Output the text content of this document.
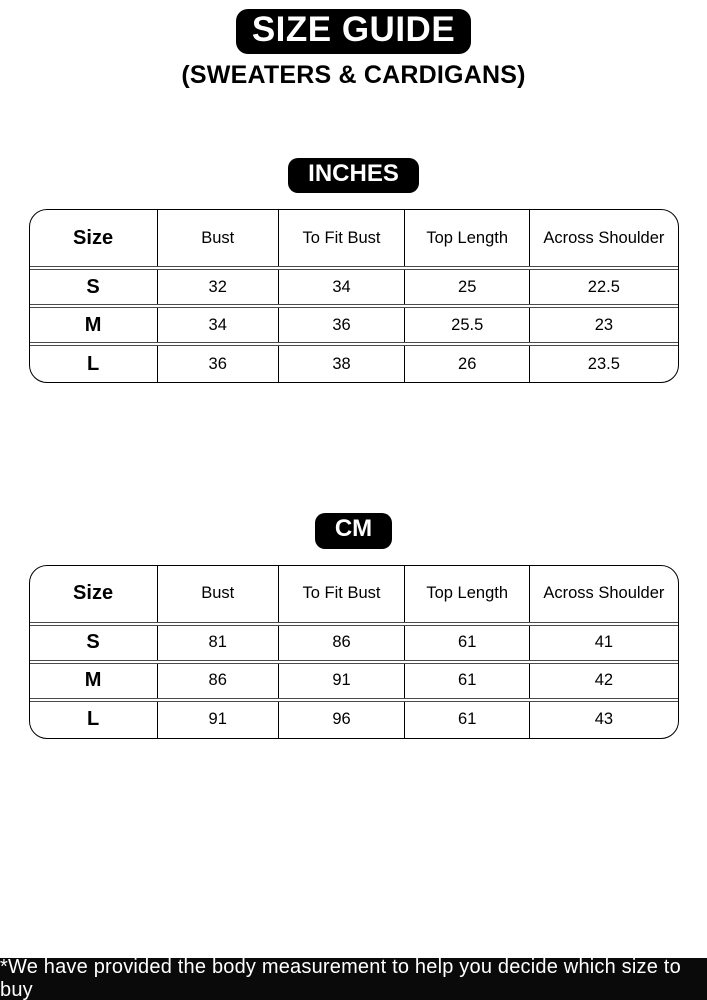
SIZE GUIDE
(SWEATERS & CARDIGANS)
INCHES
Size	Bust	To Fit Bust	Top Length	Across Shoulder
S	32	34	25	22.5
M	34	36	25.5	23
L	36	38	26	23.5
CM
Size	Bust	To Fit Bust	Top Length	Across Shoulder
S	81	86	61	41
M	86	91	61	42
L	91	96	61	43
*We have provided the body measurement to help you decide which size to buy
